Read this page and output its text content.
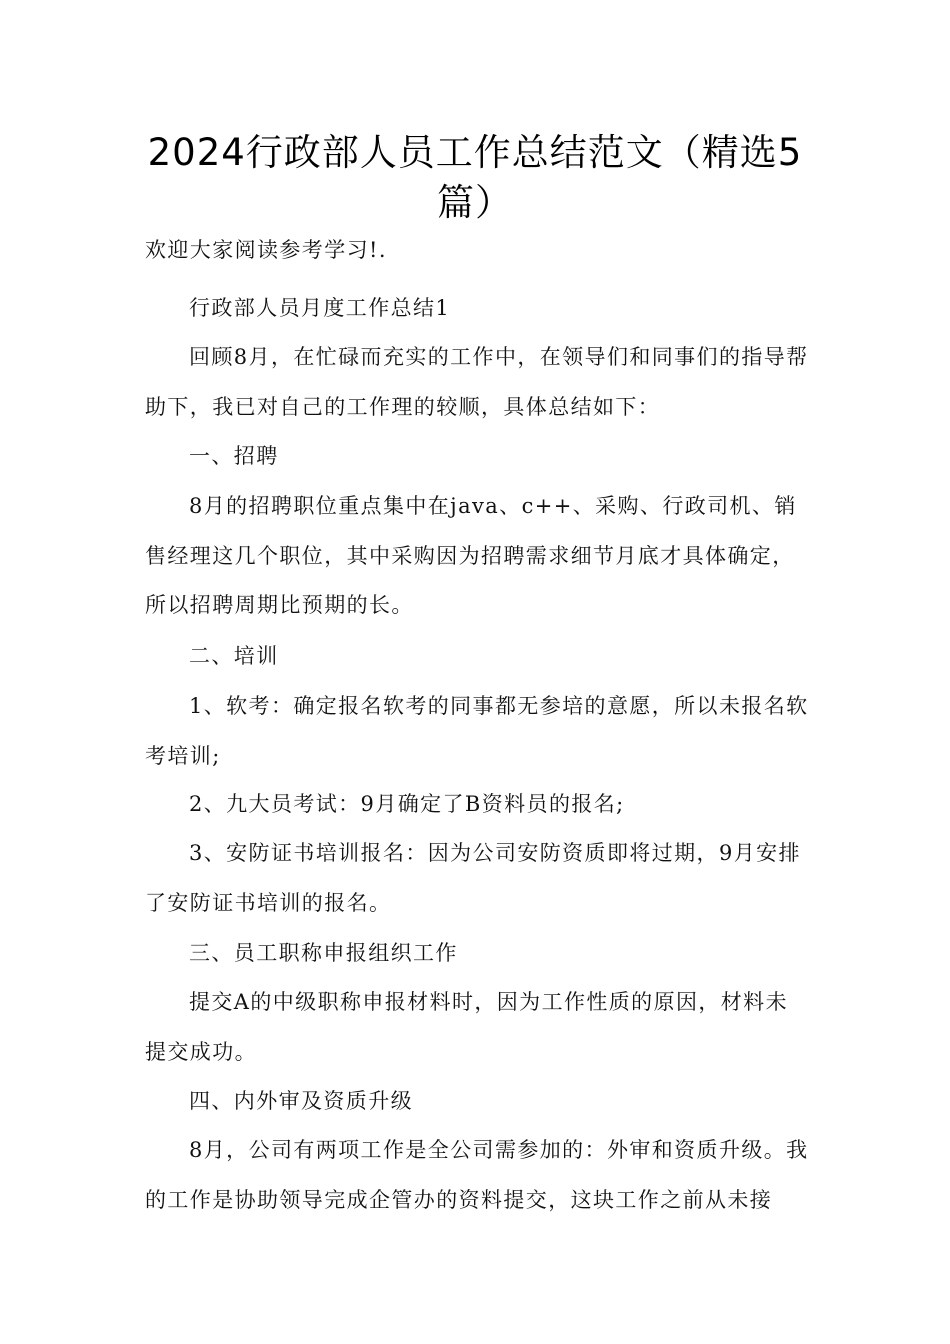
2024行政部人员工作总结范文（精选5篇）
欢迎大家阅读参考学习!.

行政部人员月度工作总结1

回顾8月，在忙碌而充实的工作中，在领导们和同事们的指导帮助下，我已对自己的工作理的较顺，具体总结如下：

一、招聘

8月的招聘职位重点集中在java、c++、采购、行政司机、销售经理这几个职位，其中采购因为招聘需求细节月底才具体确定，所以招聘周期比预期的长。

二、培训

1、软考：确定报名软考的同事都无参培的意愿，所以未报名软考培训;

2、九大员考试：9月确定了B资料员的报名;

3、安防证书培训报名：因为公司安防资质即将过期，9月安排了安防证书培训的报名。

三、员工职称申报组织工作

提交A的中级职称申报材料时，因为工作性质的原因，材料未提交成功。

四、内外审及资质升级

8月，公司有两项工作是全公司需参加的：外审和资质升级。我的工作是协助领导完成企管办的资料提交，这块工作之前从未接
